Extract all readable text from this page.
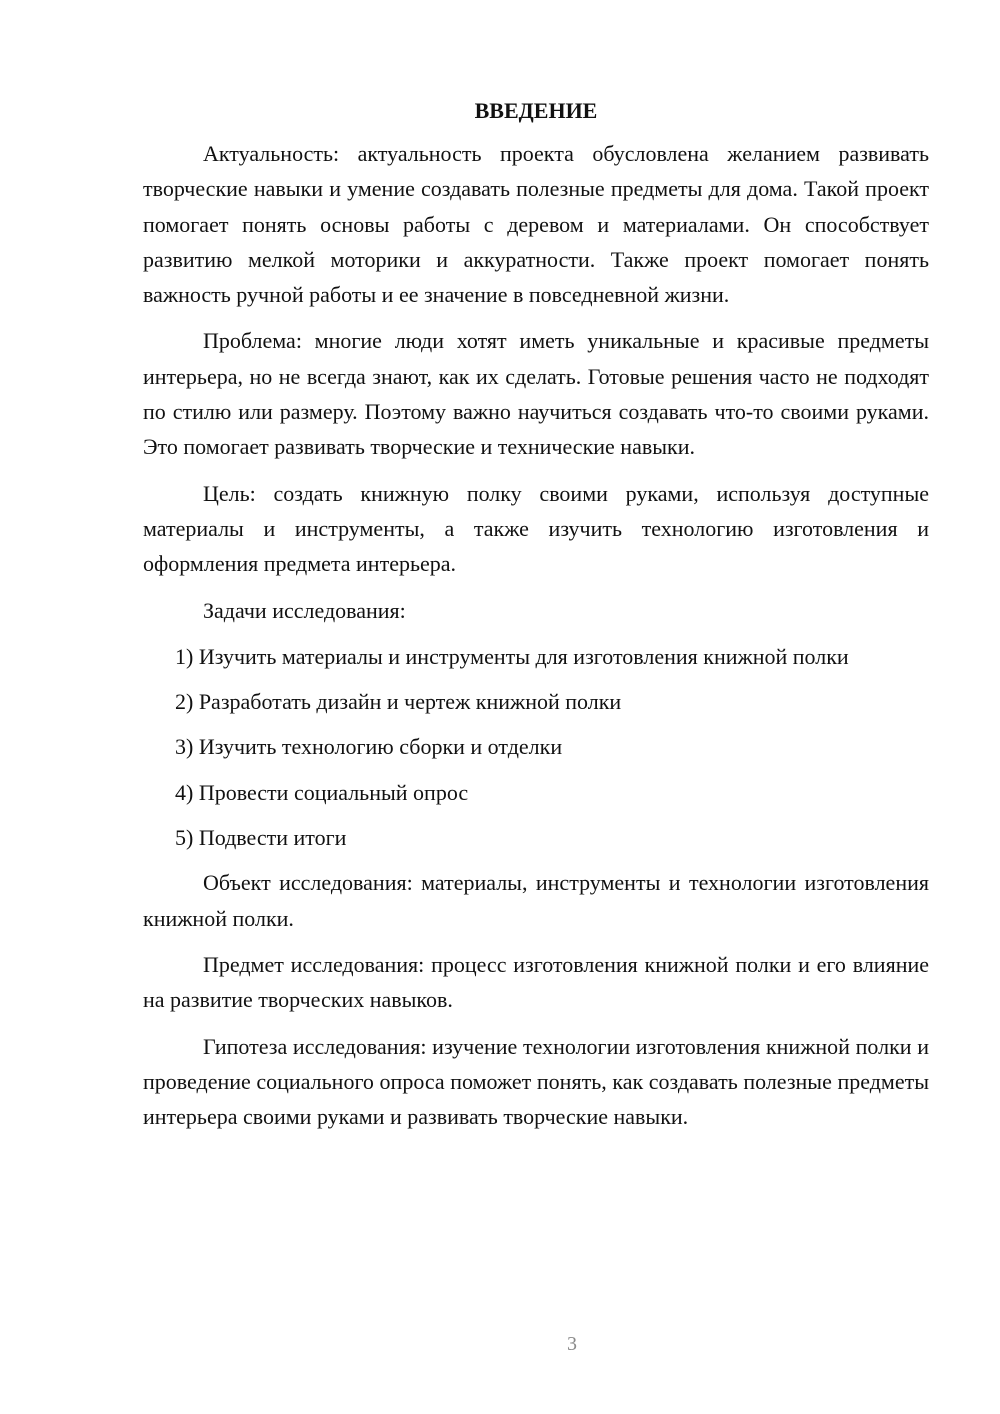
ВВЕДЕНИЕ

Актуальность: актуальность проекта обусловлена желанием развивать творческие навыки и умение создавать полезные предметы для дома. Такой проект помогает понять основы работы с деревом и материалами. Он способствует развитию мелкой моторики и аккуратности. Также проект помогает понять важность ручной работы и ее значение в повседневной жизни.

Проблема: многие люди хотят иметь уникальные и красивые предметы интерьера, но не всегда знают, как их сделать. Готовые решения часто не подходят по стилю или размеру. Поэтому важно научиться создавать что-то своими руками. Это помогает развивать творческие и технические навыки.

Цель: создать книжную полку своими руками, используя доступные материалы и инструменты, а также изучить технологию изготовления и оформления предмета интерьера.

Задачи исследования:

1) Изучить материалы и инструменты для изготовления книжной полки

2) Разработать дизайн и чертеж книжной полки

3) Изучить технологию сборки и отделки

4) Провести социальный опрос

5) Подвести итоги

Объект исследования: материалы, инструменты и технологии изготовления книжной полки.

Предмет исследования: процесс изготовления книжной полки и его влияние на развитие творческих навыков.

Гипотеза исследования: изучение технологии изготовления книжной полки и проведение социального опроса поможет понять, как создавать полезные предметы интерьера своими руками и развивать творческие навыки.

3
